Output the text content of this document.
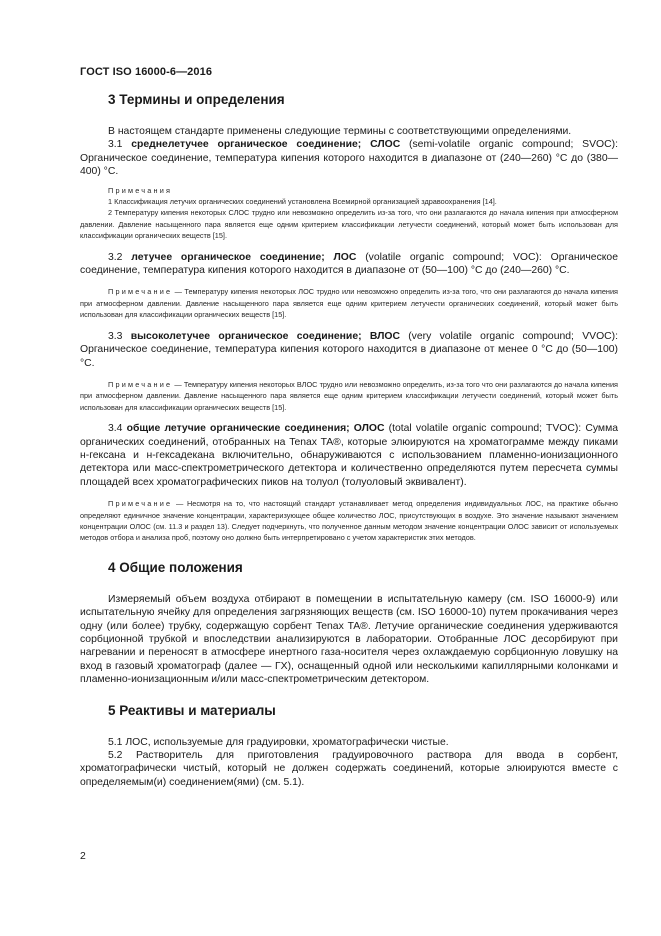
ГОСТ ISO 16000-6—2016
3 Термины и определения

В настоящем стандарте применены следующие термины с соответствующими определениями.

3.1 среднелетучее органическое соединение; СЛОС (semi-volatile organic compound; SVOC): Органическое соединение, температура кипения которого находится в диапазоне от (240—260) °С до (380—400) °С.

Примечания
1 Классификация летучих органических соединений установлена Всемирной организацией здравоохранения [14].
2 Температуру кипения некоторых СЛОС трудно или невозможно определить из-за того, что они разлагаются до начала кипения при атмосферном давлении. Давление насыщенного пара является еще одним критерием классификации летучести соединений, который может быть использован для классификации органических веществ [15].

3.2 летучее органическое соединение; ЛОС (volatile organic compound; VOC): Органическое соединение, температура кипения которого находится в диапазоне от (50—100) °С до (240—260) °С.

Примечание — Температуру кипения некоторых ЛОС трудно или невозможно определить из-за того, что они разлагаются до начала кипения при атмосферном давлении. Давление насыщенного пара является еще одним критерием летучести органических соединений, который может быть использован для классификации органических веществ [15].

3.3 высоколетучее органическое соединение; ВЛОС (very volatile organic compound; VVOC): Органическое соединение, температура кипения которого находится в диапазоне от менее 0 °С до (50—100) °С.

Примечание — Температуру кипения некоторых ВЛОС трудно или невозможно определить, из-за того что они разлагаются до начала кипения при атмосферном давлении. Давление насыщенного пара является еще одним критерием классификации летучести соединений, который может быть использован для классификации органических веществ [15].

3.4 общие летучие органические соединения; ОЛОС (total volatile organic compound; TVOC): Сумма органических соединений, отобранных на Tenax TA®, которые элюируются на хроматограмме между пиками н-гексана и н-гексадекана включительно, обнаруживаются с использованием пламенно-ионизационного детектора или масс-спектрометрического детектора и количественно определяются путем пересчета суммы площадей всех хроматографических пиков на толуол (толуоловый эквивалент).

Примечание — Несмотря на то, что настоящий стандарт устанавливает метод определения индивидуальных ЛОС, на практике обычно определяют единичное значение концентрации, характеризующее общее количество ЛОС, присутствующих в воздухе. Это значение называют значением концентрации ОЛОС (см. 11.3 и раздел 13). Следует подчеркнуть, что полученное данным методом значение концентрации ОЛОС зависит от используемых методов отбора и анализа проб, поэтому оно должно быть интерпретировано с учетом характеристик этих методов.
4 Общие положения

Измеряемый объем воздуха отбирают в помещении в испытательную камеру (см. ISO 16000-9) или испытательную ячейку для определения загрязняющих веществ (см. ISO 16000-10) путем прокачивания через одну (или более) трубку, содержащую сорбент Tenax TA®. Летучие органические соединения удерживаются сорбционной трубкой и впоследствии анализируются в лаборатории. Отобранные ЛОС десорбируют при нагревании и переносят в атмосфере инертного газа-носителя через охлаждаемую сорбционную ловушку на вход в газовый хроматограф (далее — ГХ), оснащенный одной или несколькими капиллярными колонками и пламенно-ионизационным и/или масс-спектрометрическим детектором.

5 Реактивы и материалы

5.1 ЛОС, используемые для градуировки, хроматографически чистые.

5.2 Растворитель для приготовления градуировочного раствора для ввода в сорбент, хроматографически чистый, который не должен содержать соединений, которые элюируются вместе с определяемым(и) соединением(ями) (см. 5.1).

2
